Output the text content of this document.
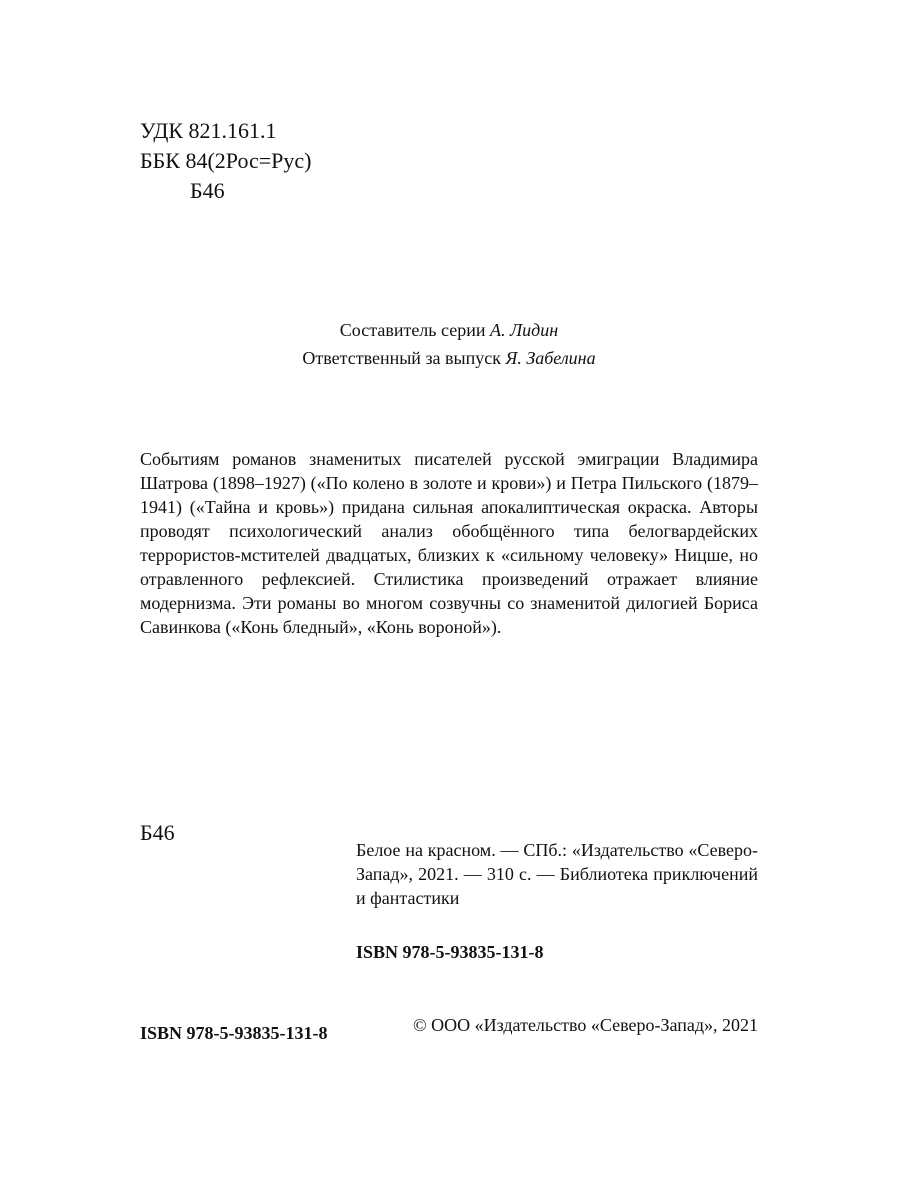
УДК 821.161.1
ББК 84(2Рос=Рус)
Б46
Составитель серии А. Лидин
Ответственный за выпуск Я. Забелина

Событиям романов знаменитых писателей русской эмиграции Владимира Шатрова (1898–1927) («По колено в золоте и крови») и Петра Пильского (1879–1941) («Тайна и кровь») придана сильная апокалиптическая окраска. Авторы проводят психологический анализ обобщённого типа белогвардейских террористов-мстителей двадцатых, близких к «сильному человеку» Ницше, но отравленного рефлексией. Стилистика произведений отражает влияние модернизма. Эти романы во многом созвучны со знаменитой дилогией Бориса Савинкова («Конь бледный», «Конь вороной»).

Б46

Белое на красном. — СПб.: «Издательство «Северо-Запад», 2021. — 310 с. — Библиотека приключений и фантастики

ISBN 978-5-93835-131-8
© ООО «Издательство «Северо-Запад», 2021
ISBN 978-5-93835-131-8
